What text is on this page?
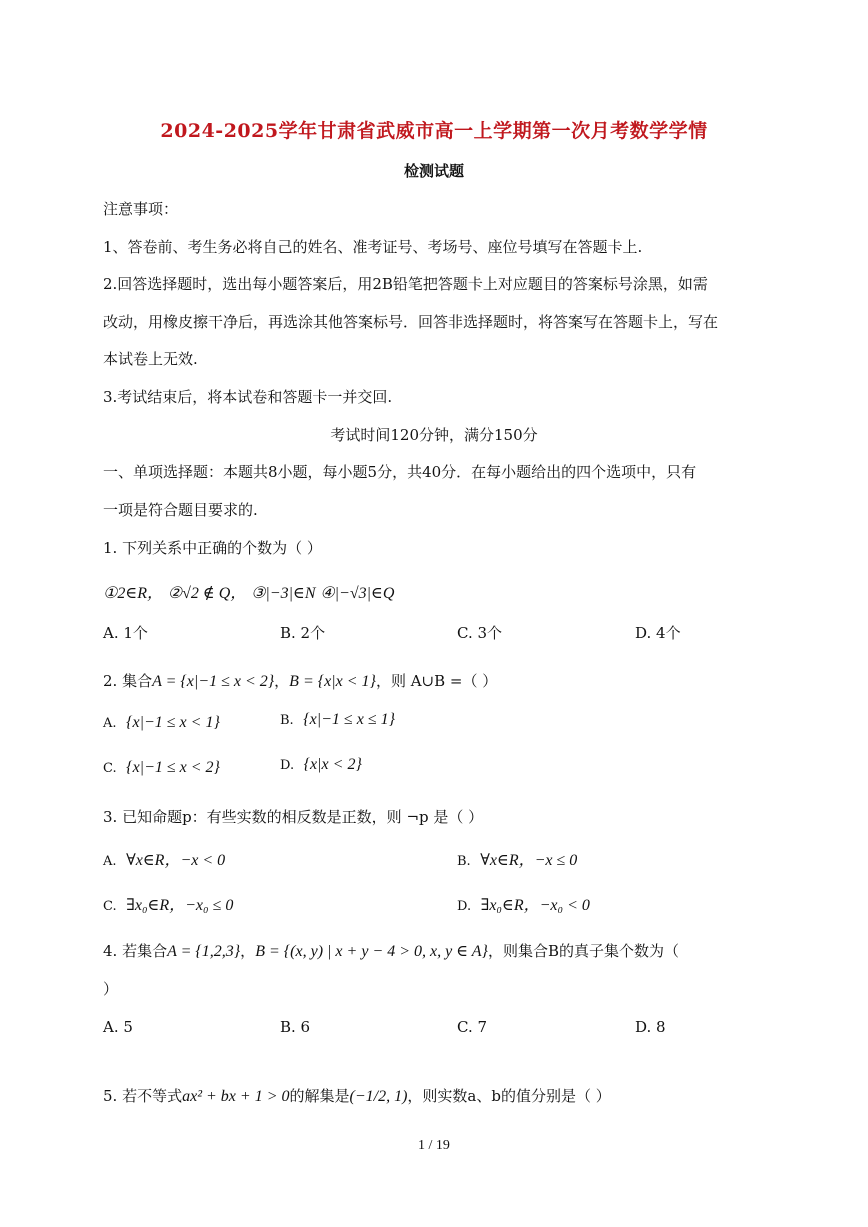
2024-2025学年甘肃省武威市高一上学期第一次月考数学学情
检测试题
注意事项：
1、答卷前、考生务必将自己的姓名、准考证号、考场号、座位号填写在答题卡上.
2.回答选择题时，选出每小题答案后，用2B铅笔把答题卡上对应题目的答案标号涂黑，如需
改动，用橡皮擦干净后，再选涂其他答案标号．回答非选择题时，将答案写在答题卡上，写在
本试卷上无效.
3.考试结束后，将本试卷和答题卡一并交回.
考试时间120分钟，满分150分
一、单项选择题：本题共8小题，每小题5分，共40分．在每小题给出的四个选项中，只有
一项是符合题目要求的.
1. 下列关系中正确的个数为（ ）
①2∈R， ②√2 ∉ Q， ③|−3|∈N ④|−√3|∈Q
A. 1个	B. 2个	C. 3个	D. 4个
2. 集合A = {x|−1 ≤ x < 2}，B = {x|x < 1}，则 A∪B =（ ）
A. {x|−1 ≤ x < 1}	B. {x|−1 ≤ x ≤ 1}
C. {x|−1 ≤ x < 2}	D. {x|x < 2}
3. 已知命题p：有些实数的相反数是正数，则 ¬p 是（ ）
A. ∀x∈R，−x < 0	B. ∀x∈R，−x ≤ 0
C. ∃x₀∈R，−x₀ ≤ 0	D. ∃x₀∈R，−x₀ < 0
4. 若集合A = {1,2,3}，B = {(x, y) | x + y − 4 > 0, x, y ∈ A}，则集合B的真子集个数为（
）
A. 5	B. 6	C. 7	D. 8
5. 若不等式ax² + bx + 1 > 0的解集是(−1/2, 1)，则实数a、b的值分别是（ ）
1 / 19
